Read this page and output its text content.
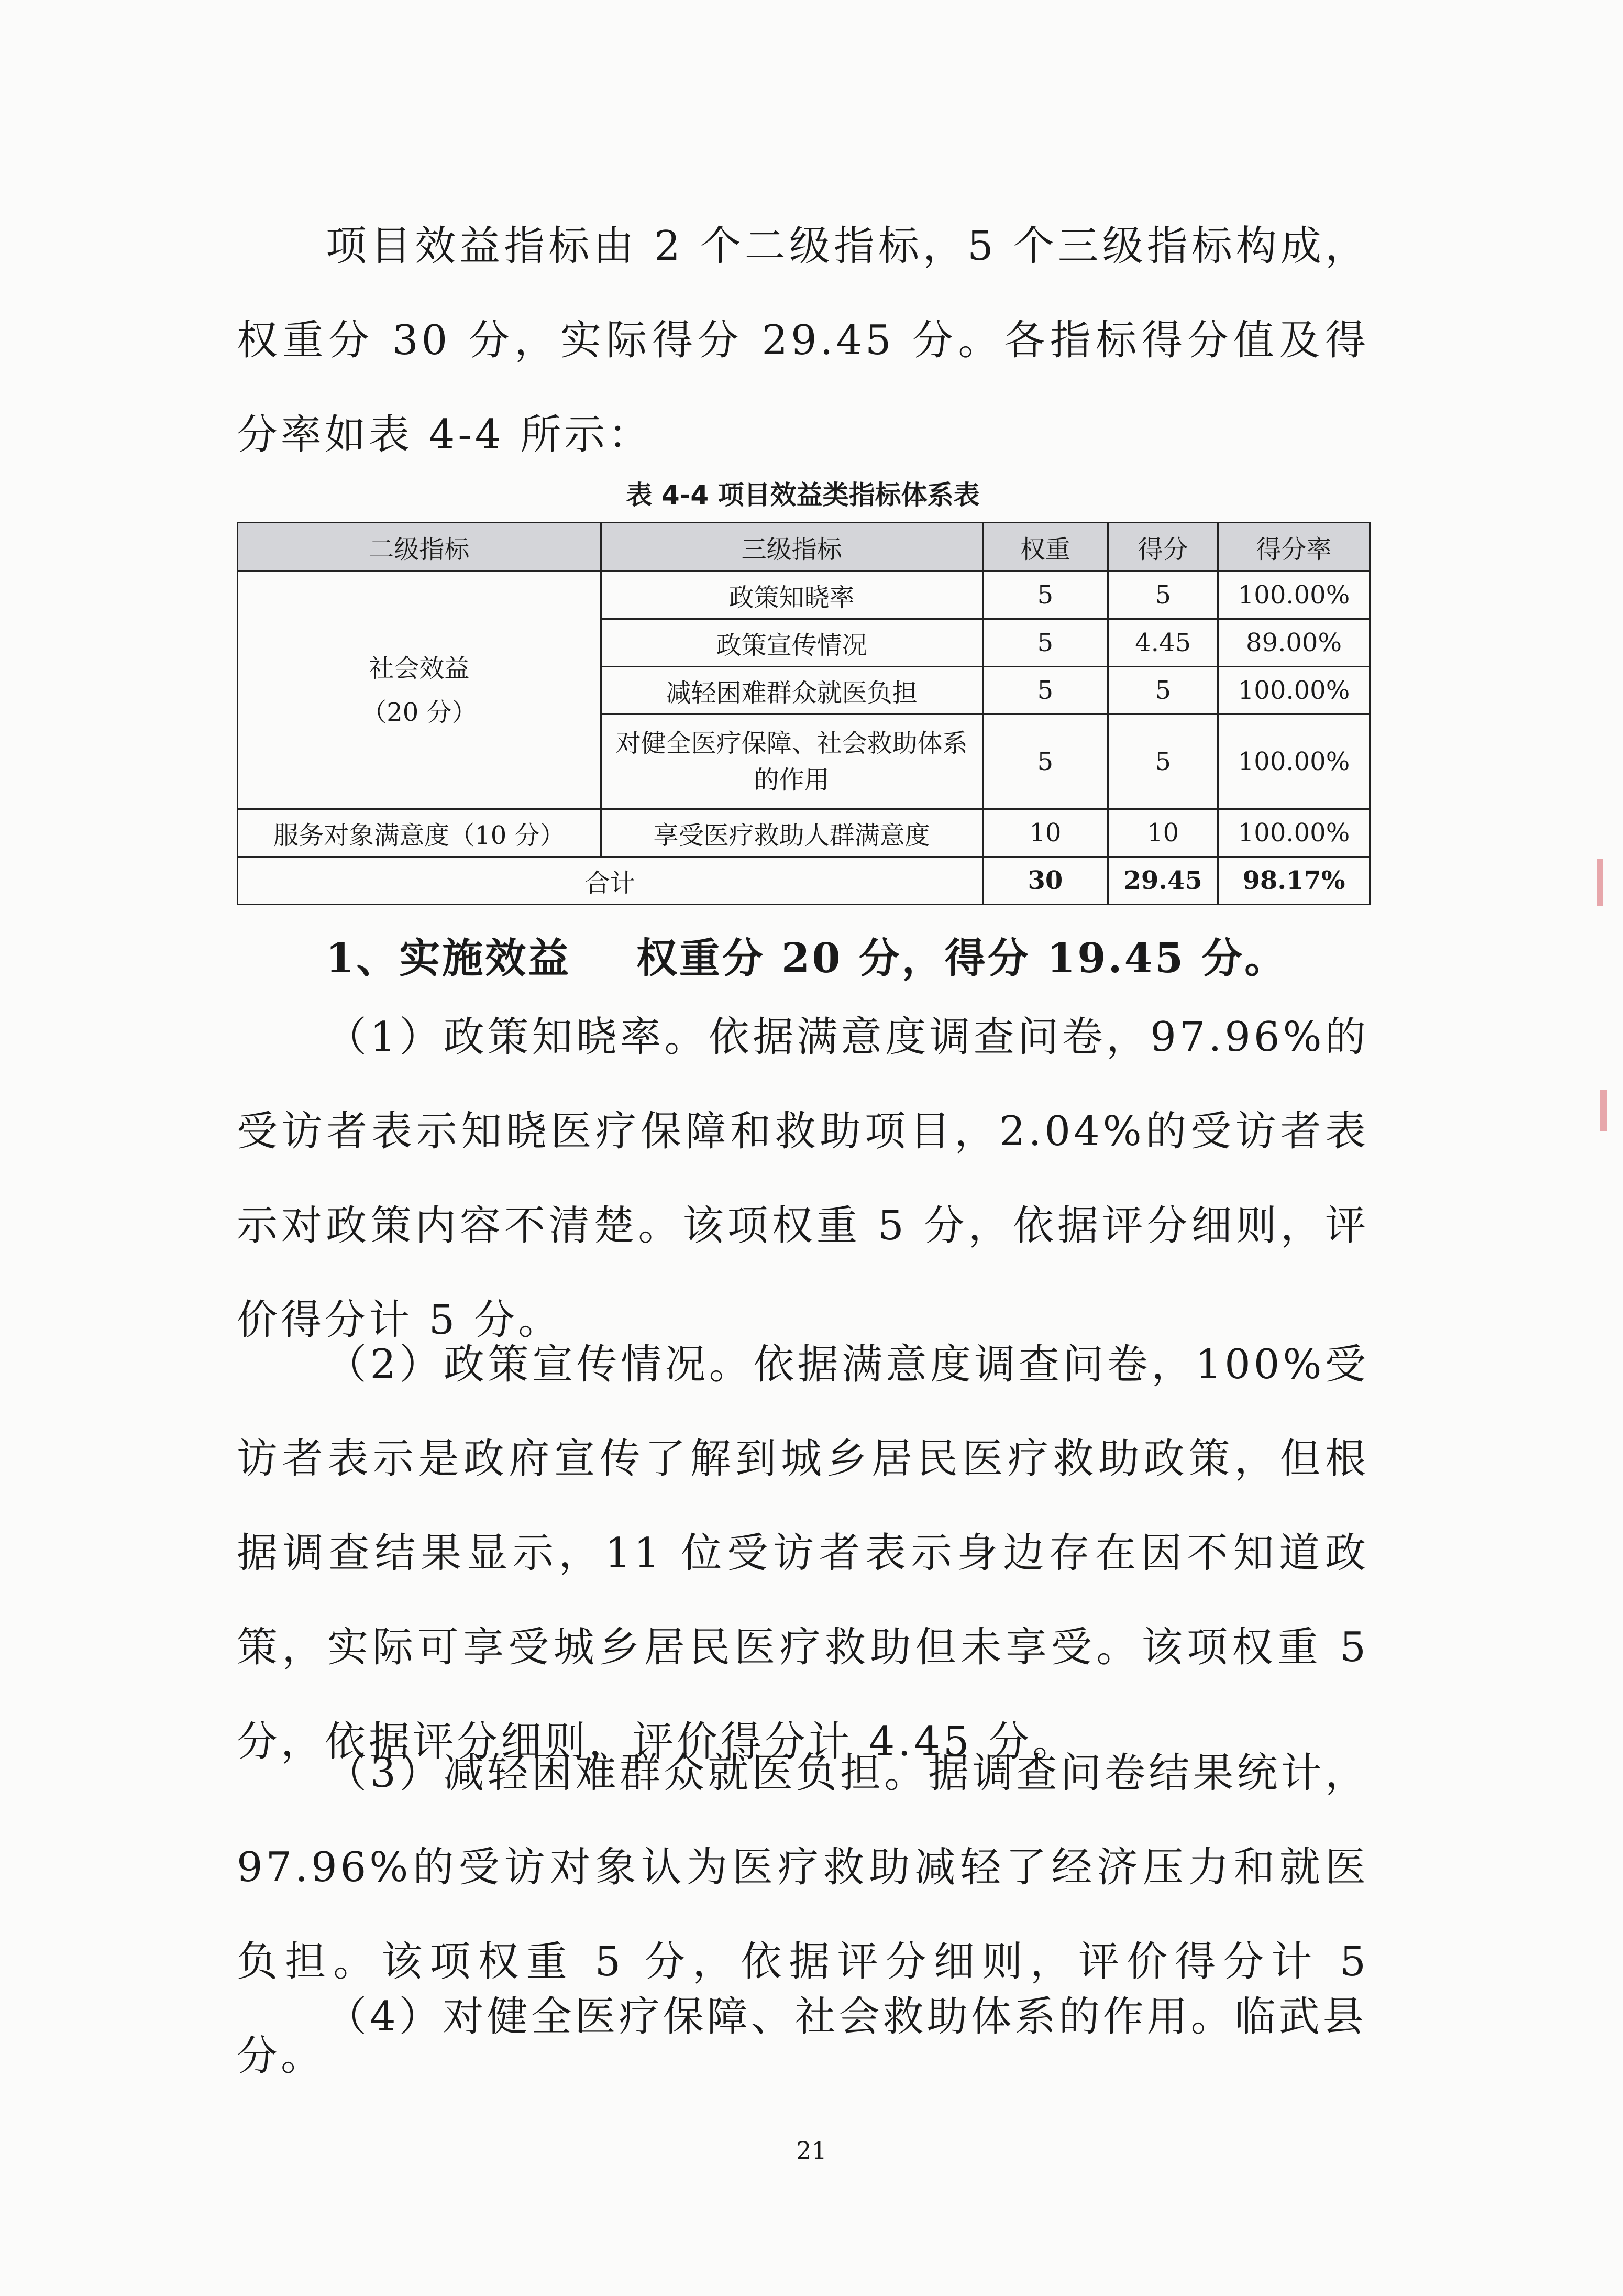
项目效益指标由 2 个二级指标，5 个三级指标构成，权重分 30 分，实际得分 29.45 分。各指标得分值及得分率如表 4-4 所示：

表 4-4 项目效益类指标体系表

二级指标	三级指标	权重	得分	得分率
社会效益
（20 分）	政策知晓率	5	5	100.00%
	政策宣传情况	5	4.45	89.00%
	减轻困难群众就医负担	5	5	100.00%
	对健全医疗保障、社会救助体系的作用	5	5	100.00%
服务对象满意度（10 分）	享受医疗救助人群满意度	10	10	100.00%
合计		30	29.45	98.17%

1、实施效益    权重分 20 分，得分 19.45 分。

（1）政策知晓率。依据满意度调查问卷，97.96%的受访者表示知晓医疗保障和救助项目，2.04%的受访者表示对政策内容不清楚。该项权重 5 分，依据评分细则，评价得分计 5 分。

（2）政策宣传情况。依据满意度调查问卷，100%受访者表示是政府宣传了解到城乡居民医疗救助政策，但根据调查结果显示，11 位受访者表示身边存在因不知道政策，实际可享受城乡居民医疗救助但未享受。该项权重 5 分，依据评分细则，评价得分计 4.45 分。

（3）减轻困难群众就医负担。据调查问卷结果统计，97.96%的受访对象认为医疗救助减轻了经济压力和就医负担。该项权重 5 分，依据评分细则，评价得分计 5 分。

（4）对健全医疗保障、社会救助体系的作用。临武县

21
